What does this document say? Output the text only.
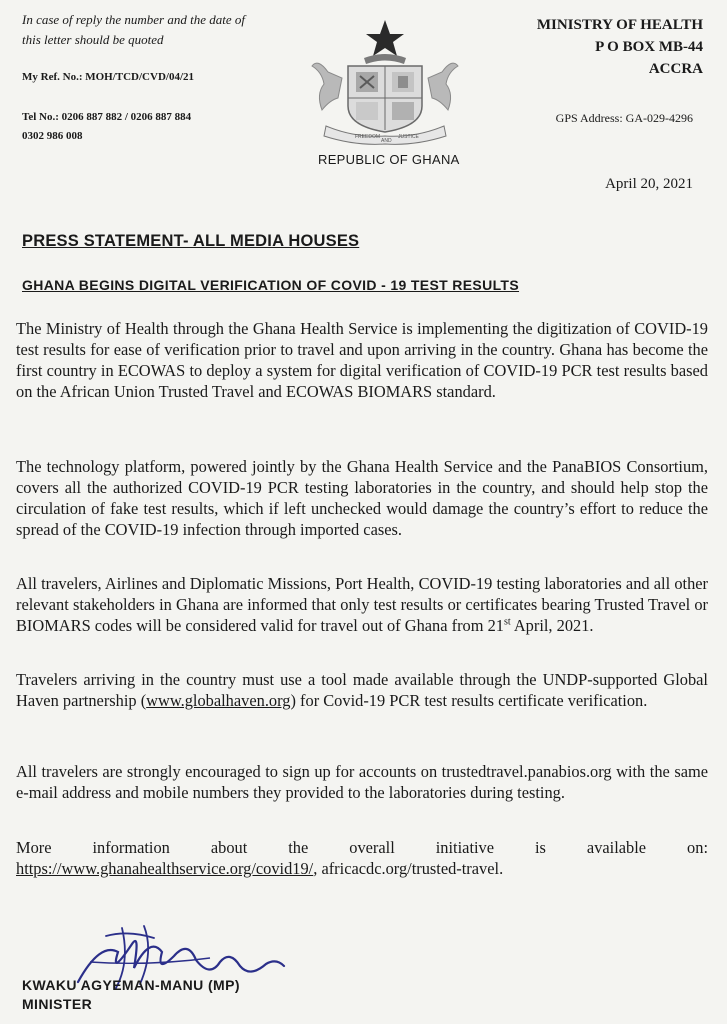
In case of reply the number and the date of this letter should be quoted
My Ref. No.: MOH/TCD/CVD/04/21
Tel No.: 0206 887 882 / 0206 887 884
0302 986 008	FREEDOM
AND
JUSTICE
REPUBLIC OF GHANA
MINISTRY OF HEALTH
P O BOX MB-44
ACCRA
GPS Address: GA-029-4296
April 20, 2021
PRESS STATEMENT- ALL MEDIA HOUSES
GHANA BEGINS DIGITAL VERIFICATION OF COVID - 19 TEST RESULTS

The Ministry of Health through the Ghana Health Service is implementing the digitization of COVID-19 test results for ease of verification prior to travel and upon arriving in the country. Ghana has become the first country in ECOWAS to deploy a system for digital verification of COVID-19 PCR test results based on the African Union Trusted Travel and ECOWAS BIOMARS standard.

The technology platform, powered jointly by the Ghana Health Service and the PanaBIOS Consortium, covers all the authorized COVID-19 PCR testing laboratories in the country, and should help stop the circulation of fake test results, which if left unchecked would damage the country’s effort to reduce the spread of the COVID-19 infection through imported cases.

All travelers, Airlines and Diplomatic Missions, Port Health, COVID-19 testing laboratories and all other relevant stakeholders in Ghana are informed that only test results or certificates bearing Trusted Travel or BIOMARS codes will be considered valid for travel out of Ghana from 21st April, 2021.

Travelers arriving in the country must use a tool made available through the UNDP-supported Global Haven partnership (www.globalhaven.org) for Covid-19 PCR test results certificate verification.

All travelers are strongly encouraged to sign up for accounts on trustedtravel.panabios.org with the same e-mail address and mobile numbers they provided to the laboratories during testing.

More information about the overall initiative is available on: https://www.ghanahealthservice.org/covid19/, africacdc.org/trusted-travel.

KWAKU AGYEMAN-MANU (MP)
MINISTER
